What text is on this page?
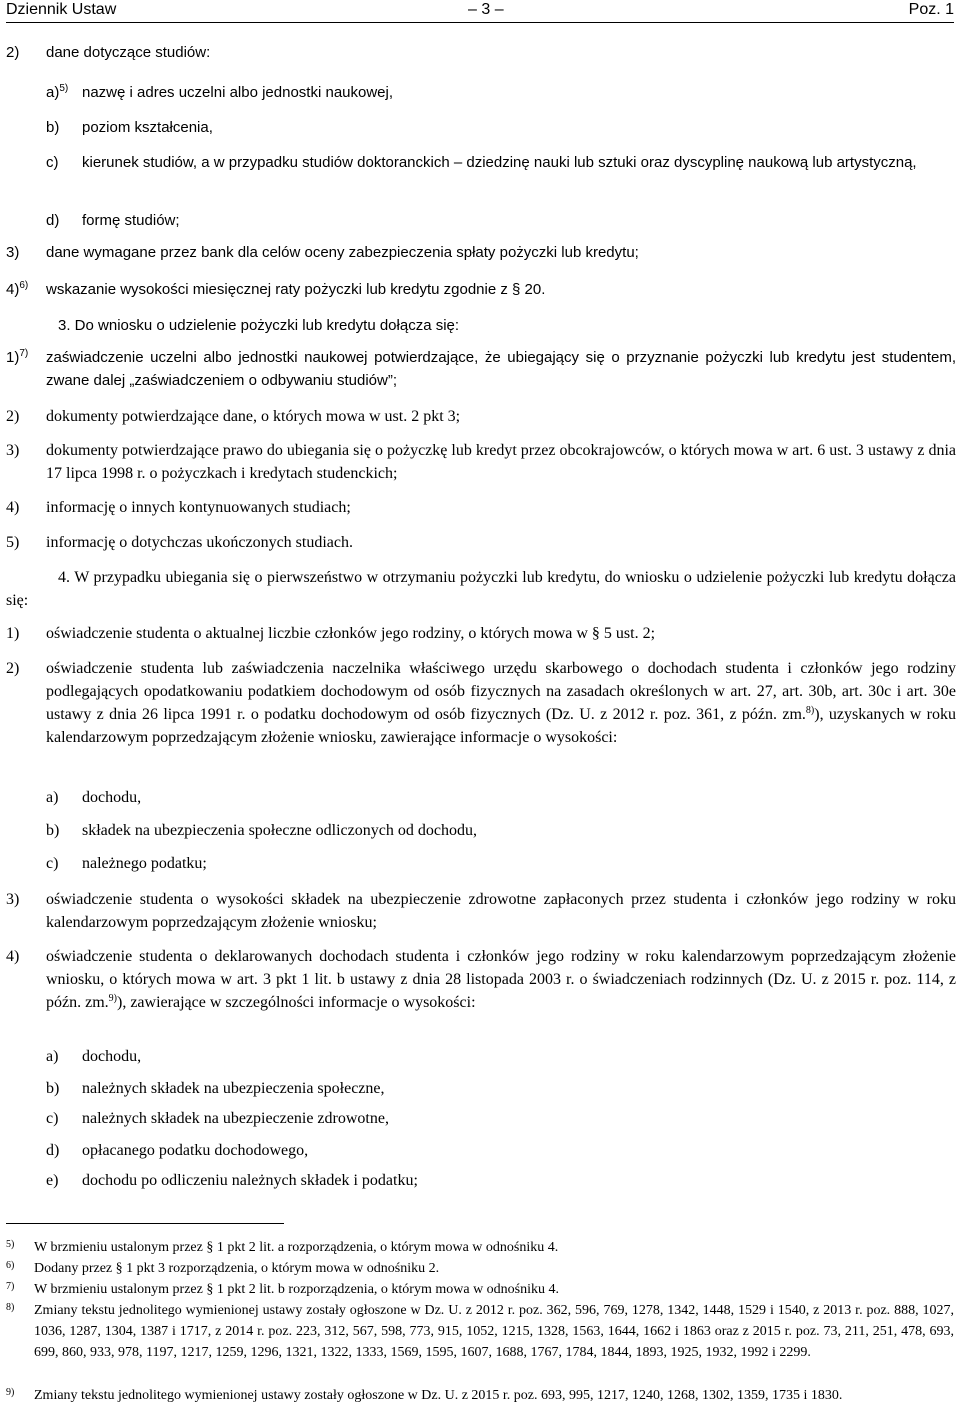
Dziennik Ustaw	– 3 –	Poz. 1
2) dane dotyczące studiów:
a)$^{5)}$ nazwę i adres uczelni albo jednostki naukowej,
b) poziom kształcenia,
c) kierunek studiów, a w przypadku studiów doktoranckich – dziedzinę nauki lub sztuki oraz dyscyplinę naukową lub artystyczną,
d) formę studiów;
3) dane wymagane przez bank dla celów oceny zabezpieczenia spłaty pożyczki lub kredytu;
4)$^{6)}$ wskazanie wysokości miesięcznej raty pożyczki lub kredytu zgodnie z § 20.
3. Do wniosku o udzielenie pożyczki lub kredytu dołącza się:
1)$^{7)}$ zaświadczenie uczelni albo jednostki naukowej potwierdzające, że ubiegający się o przyznanie pożyczki lub kredytu jest studentem, zwane dalej „zaświadczeniem o odbywaniu studiów”;
2) dokumenty potwierdzające dane, o których mowa w ust. 2 pkt 3;
3) dokumenty potwierdzające prawo do ubiegania się o pożyczkę lub kredyt przez obcokrajowców, o których mowa w art. 6 ust. 3 ustawy z dnia 17 lipca 1998 r. o pożyczkach i kredytach studenckich;
4) informację o innych kontynuowanych studiach;
5) informację o dotychczas ukończonych studiach.
4. W przypadku ubiegania się o pierwszeństwo w otrzymaniu pożyczki lub kredytu, do wniosku o udzielenie pożyczki lub kredytu dołącza się:
1) oświadczenie studenta o aktualnej liczbie członków jego rodziny, o których mowa w § 5 ust. 2;
2) oświadczenie studenta lub zaświadczenia naczelnika właściwego urzędu skarbowego o dochodach studenta i członków jego rodziny podlegających opodatkowaniu podatkiem dochodowym od osób fizycznych na zasadach określonych w art. 27, art. 30b, art. 30c i art. 30e ustawy z dnia 26 lipca 1991 r. o podatku dochodowym od osób fizycznych (Dz. U. z 2012 r. poz. 361, z późn. zm.$^{8)}$), uzyskanych w roku kalendarzowym poprzedzającym złożenie wniosku, zawierające informacje o wysokości:
a) dochodu,
b) składek na ubezpieczenia społeczne odliczonych od dochodu,
c) należnego podatku;
3) oświadczenie studenta o wysokości składek na ubezpieczenie zdrowotne zapłaconych przez studenta i członków jego rodziny w roku kalendarzowym poprzedzającym złożenie wniosku;
4) oświadczenie studenta o deklarowanych dochodach studenta i członków jego rodziny w roku kalendarzowym poprzedzającym złożenie wniosku, o których mowa w art. 3 pkt 1 lit. b ustawy z dnia 28 listopada 2003 r. o świadczeniach rodzinnych (Dz. U. z 2015 r. poz. 114, z późn. zm.$^{9)}$), zawierające w szczególności informacje o wysokości:
a) dochodu,
b) należnych składek na ubezpieczenia społeczne,
c) należnych składek na ubezpieczenie zdrowotne,
d) opłacanego podatku dochodowego,
e) dochodu po odliczeniu należnych składek i podatku;
5) W brzmieniu ustalonym przez § 1 pkt 2 lit. a rozporządzenia, o którym mowa w odnośniku 4.
6) Dodany przez § 1 pkt 3 rozporządzenia, o którym mowa w odnośniku 2.
7) W brzmieniu ustalonym przez § 1 pkt 2 lit. b rozporządzenia, o którym mowa w odnośniku 4.
8) Zmiany tekstu jednolitego wymienionej ustawy zostały ogłoszone w Dz. U. z 2012 r. poz. 362, 596, 769, 1278, 1342, 1448, 1529 i 1540, z 2013 r. poz. 888, 1027, 1036, 1287, 1304, 1387 i 1717, z 2014 r. poz. 223, 312, 567, 598, 773, 915, 1052, 1215, 1328, 1563, 1644, 1662 i 1863 oraz z 2015 r. poz. 73, 211, 251, 478, 693, 699, 860, 933, 978, 1197, 1217, 1259, 1296, 1321, 1322, 1333, 1569, 1595, 1607, 1688, 1767, 1784, 1844, 1893, 1925, 1932, 1992 i 2299.
9) Zmiany tekstu jednolitego wymienionej ustawy zostały ogłoszone w Dz. U. z 2015 r. poz. 693, 995, 1217, 1240, 1268, 1302, 1359, 1735 i 1830.
